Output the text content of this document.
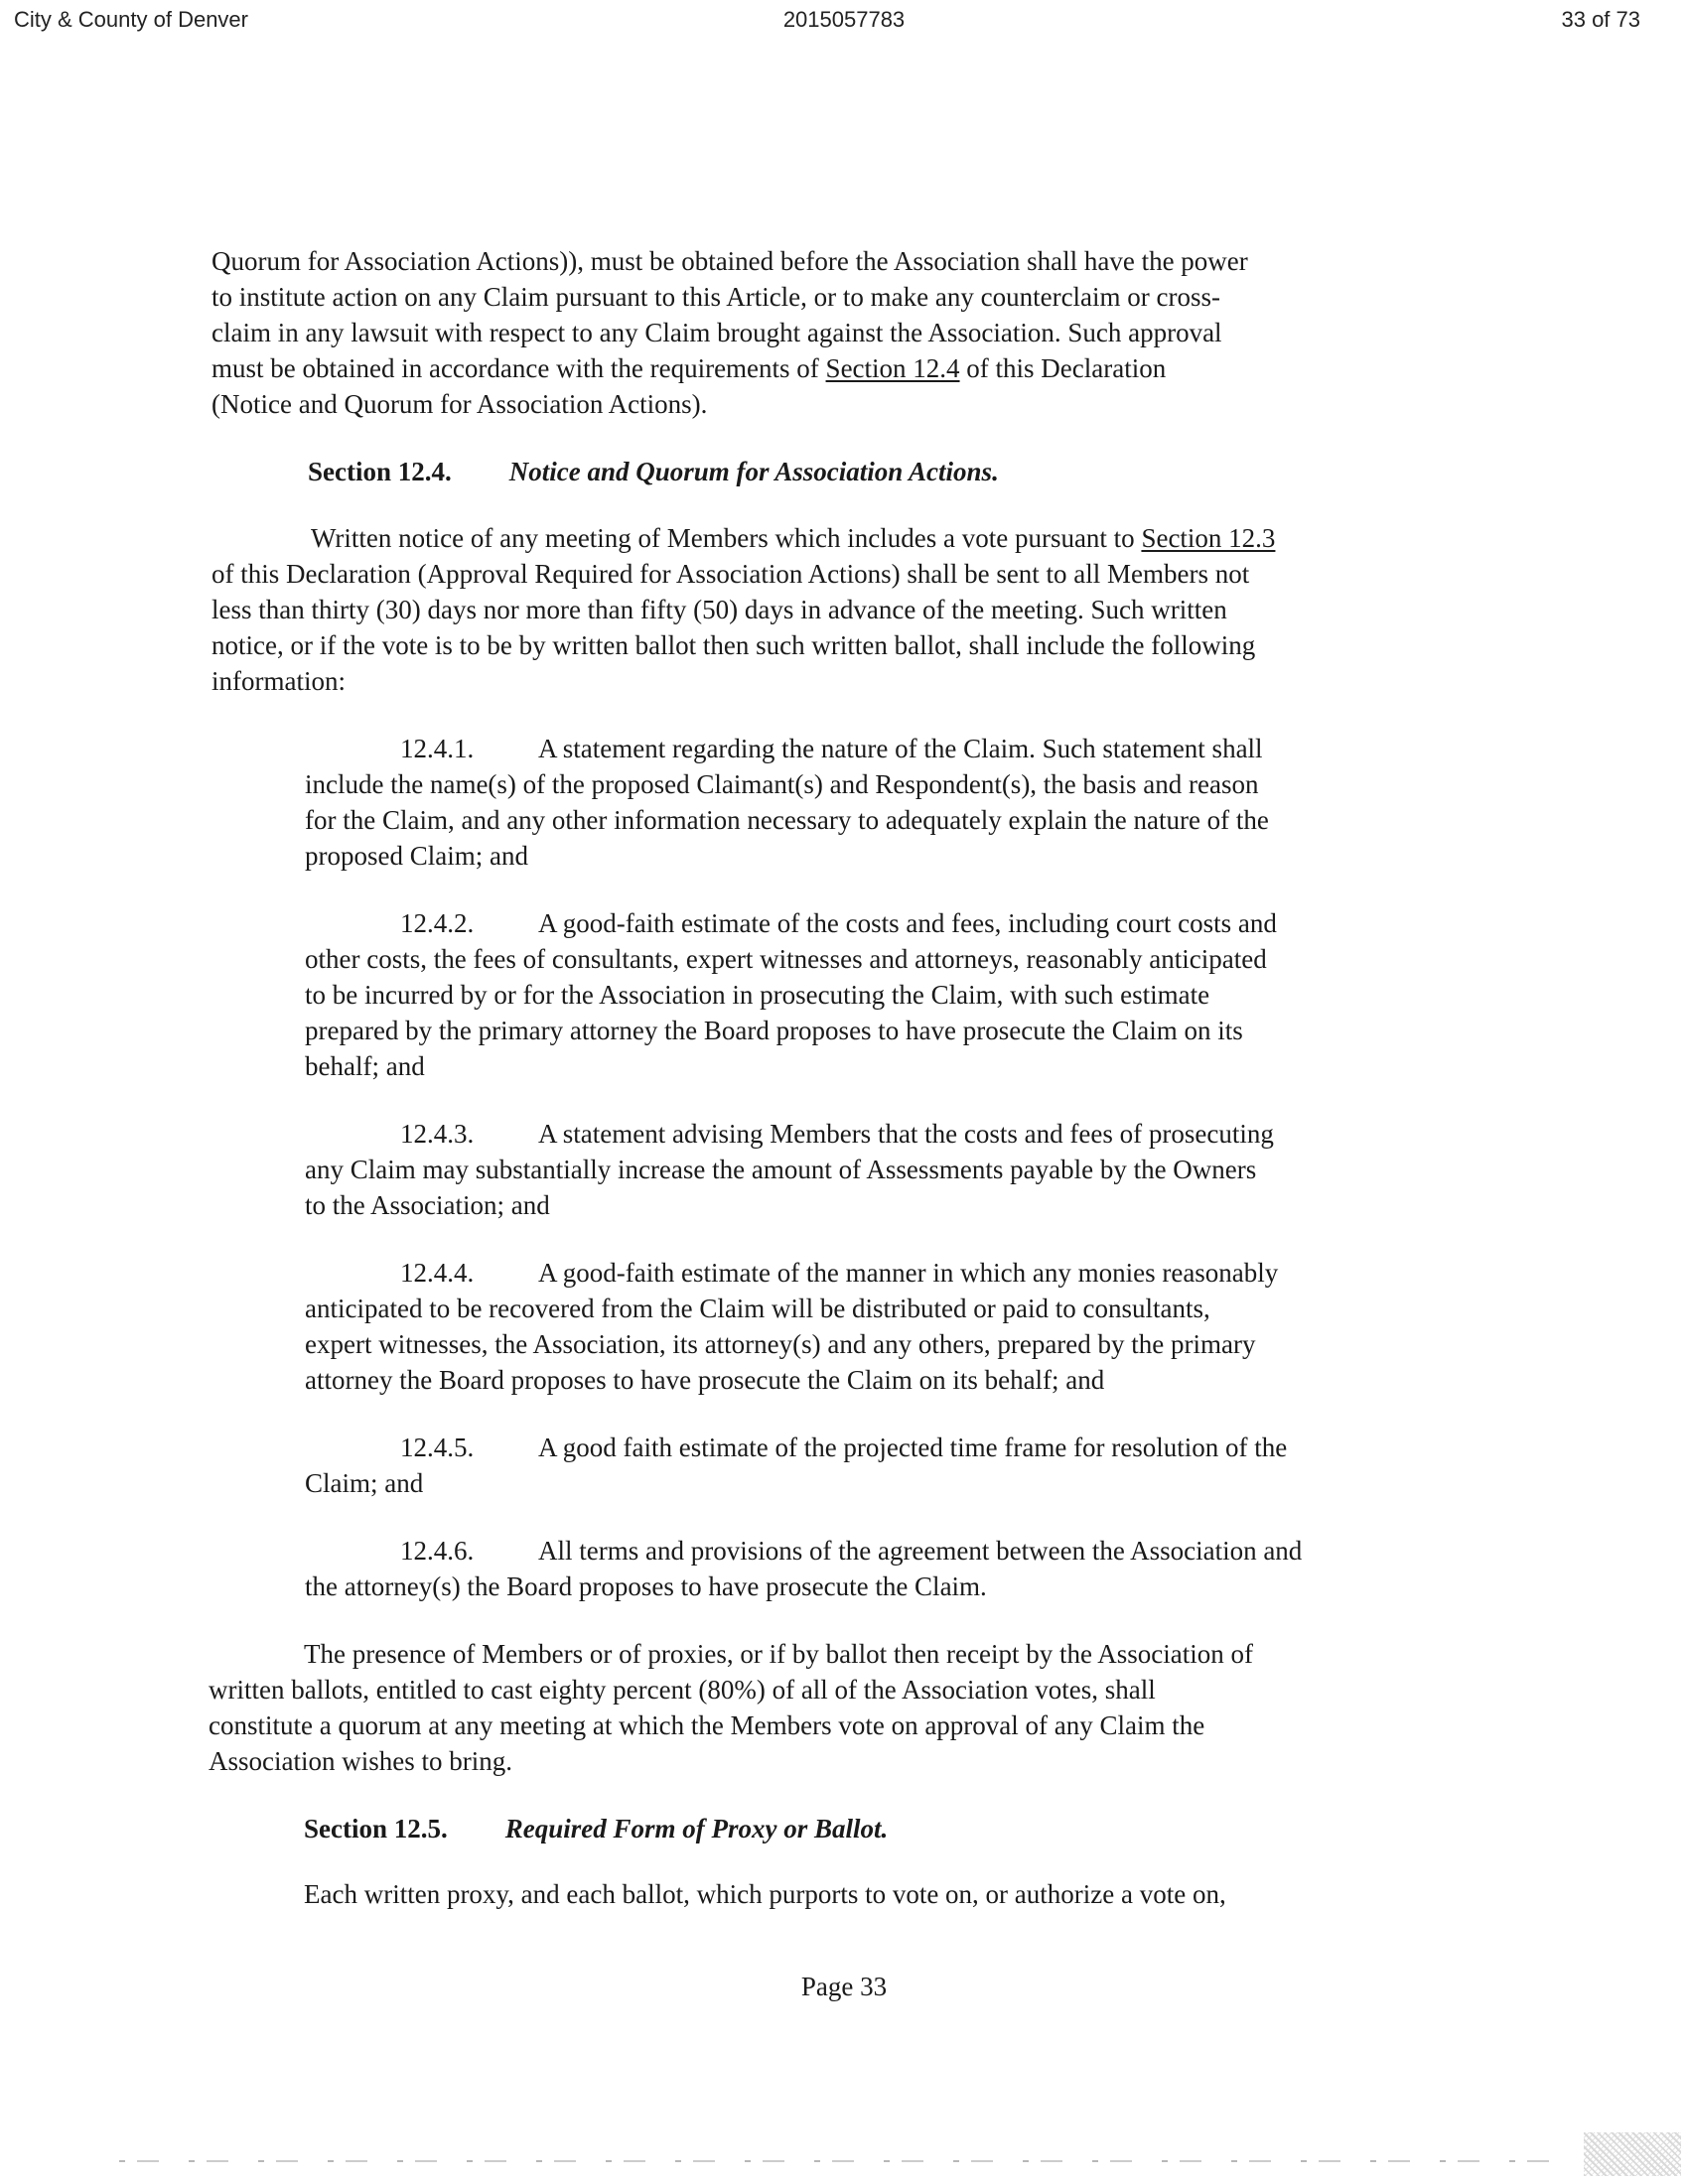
City & County of Denver	2015057783	33 of 73
Quorum for Association Actions)), must be obtained before the Association shall have the power
to institute action on any Claim pursuant to this Article, or to make any counterclaim or cross-
claim in any lawsuit with respect to any Claim brought against the Association. Such approval
must be obtained in accordance with the requirements of Section 12.4 of this Declaration
(Notice and Quorum for Association Actions).
Section 12.4. Notice and Quorum for Association Actions.
Written notice of any meeting of Members which includes a vote pursuant to Section 12.3
of this Declaration (Approval Required for Association Actions) shall be sent to all Members not
less than thirty (30) days nor more than fifty (50) days in advance of the meeting. Such written
notice, or if the vote is to be by written ballot then such written ballot, shall include the following
information:
12.4.1. A statement regarding the nature of the Claim. Such statement shall
include the name(s) of the proposed Claimant(s) and Respondent(s), the basis and reason
for the Claim, and any other information necessary to adequately explain the nature of the
proposed Claim; and
12.4.2. A good-faith estimate of the costs and fees, including court costs and
other costs, the fees of consultants, expert witnesses and attorneys, reasonably anticipated
to be incurred by or for the Association in prosecuting the Claim, with such estimate
prepared by the primary attorney the Board proposes to have prosecute the Claim on its
behalf; and
12.4.3. A statement advising Members that the costs and fees of prosecuting
any Claim may substantially increase the amount of Assessments payable by the Owners
to the Association; and
12.4.4. A good-faith estimate of the manner in which any monies reasonably
anticipated to be recovered from the Claim will be distributed or paid to consultants,
expert witnesses, the Association, its attorney(s) and any others, prepared by the primary
attorney the Board proposes to have prosecute the Claim on its behalf; and
12.4.5. A good faith estimate of the projected time frame for resolution of the
Claim; and
12.4.6. All terms and provisions of the agreement between the Association and
the attorney(s) the Board proposes to have prosecute the Claim.
The presence of Members or of proxies, or if by ballot then receipt by the Association of
written ballots, entitled to cast eighty percent (80%) of all of the Association votes, shall
constitute a quorum at any meeting at which the Members vote on approval of any Claim the
Association wishes to bring.
Section 12.5. Required Form of Proxy or Ballot.
Each written proxy, and each ballot, which purports to vote on, or authorize a vote on,
Page 33
